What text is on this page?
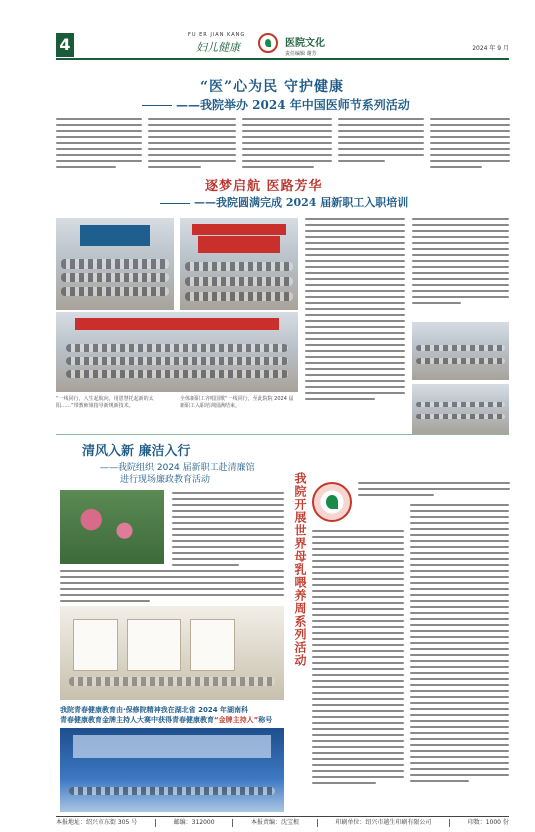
4	FU ER JIAN KANG
妇儿健康	医院文化	2024 年 9 月
责任编辑 谢芳
“医”心为民 守护健康
——我院举办 2024 年中国医师节系列活动
逐梦启航 医路芳华
——我院圆满完成 2024 届新职工入职培训
“一线同行，人生起航向，用恩慧托起新的太阳……”带教师姐指导新规新技术。
全体新职工齐唱国歌“一线同行，至此院院 2024 届新职工入职培训圆满结束。
清风入新 廉洁入行
——我院组织 2024 届新职工赴清廉馆
进行现场廉政教育活动
我院青春健康教育由·保修院精神我在湖北省 2024 年湖南科
青春健康教育金牌主持人大赛中获得青春健康教育“金牌主持人”称号
我院开展世界母乳喂养周系列活动
本报地址：绍兴市东街 305 号	邮编：312000	本报责编：沈宝根	印刷单位：绍兴市越生印刷有限公司	印数：1000 份
